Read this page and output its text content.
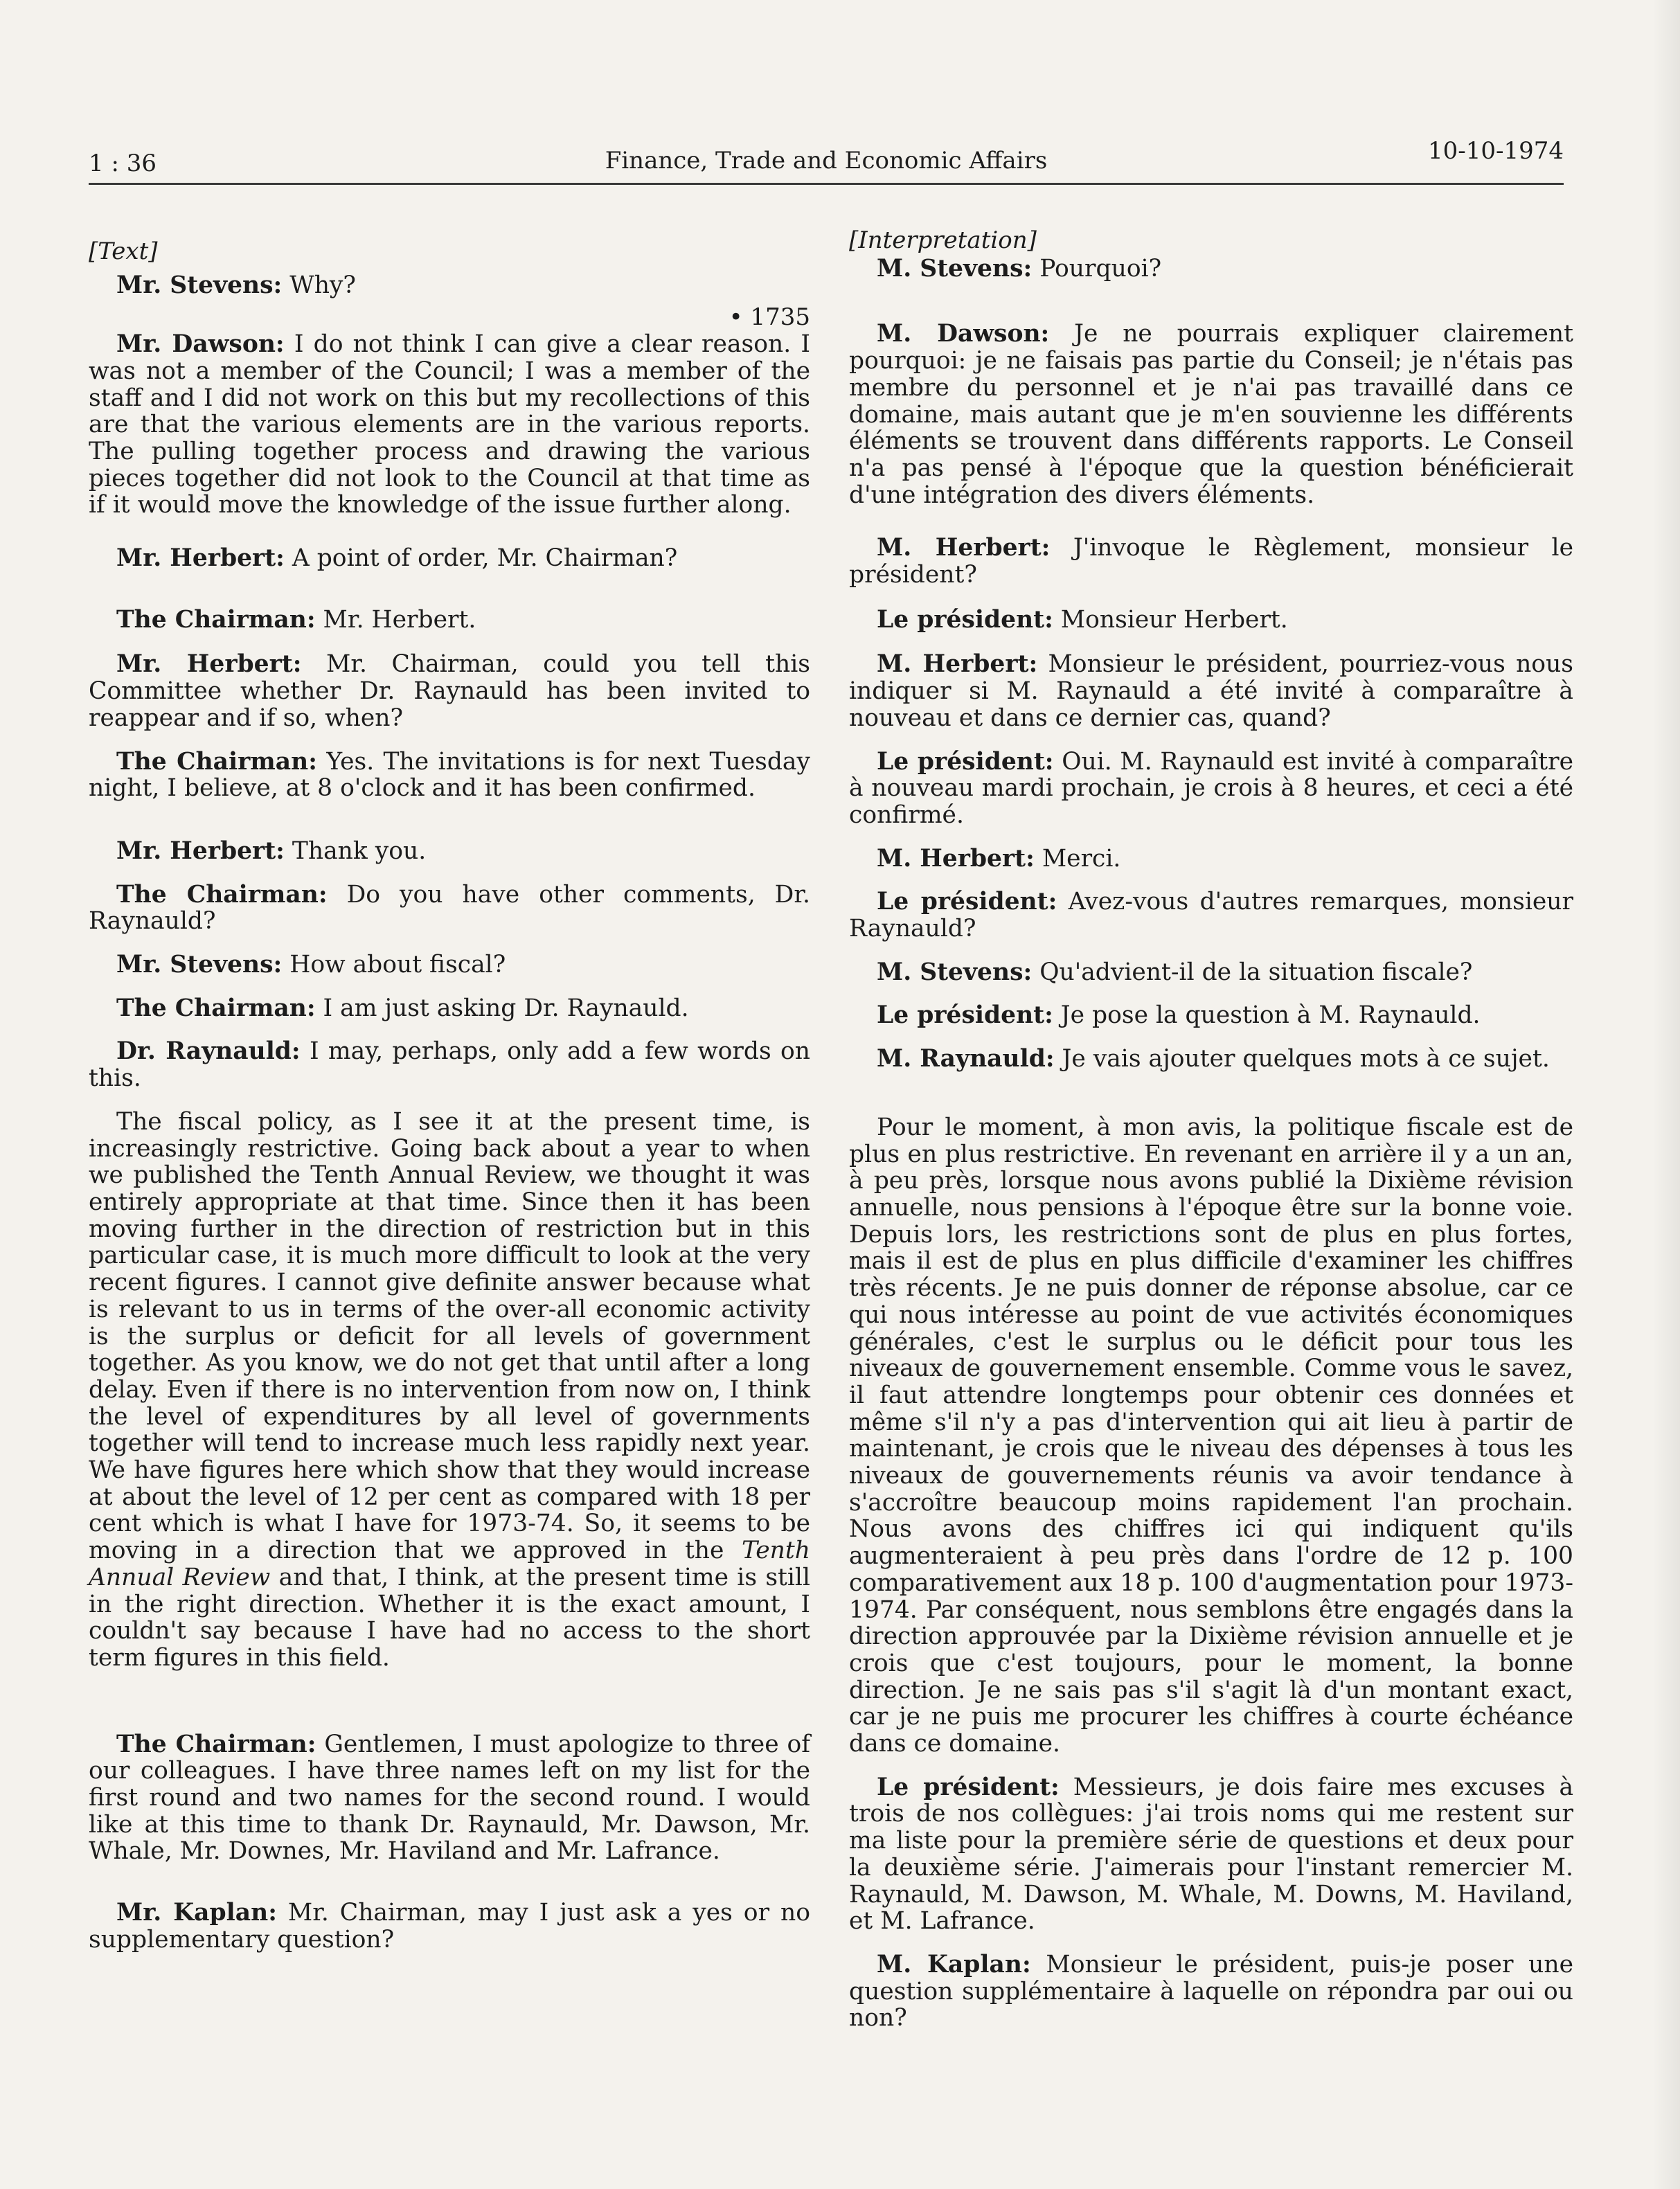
1 : 36	Finance, Trade and Economic Affairs	10-10-1974

[Text]

Mr. Stevens: Why?

• 1735

Mr. Dawson: I do not think I can give a clear reason. I was not a member of the Council; I was a member of the staff and I did not work on this but my recollections of this are that the various elements are in the various reports. The pulling together process and drawing the various pieces together did not look to the Council at that time as if it would move the knowledge of the issue further along.

Mr. Herbert: A point of order, Mr. Chairman?

The Chairman: Mr. Herbert.

Mr. Herbert: Mr. Chairman, could you tell this Committee whether Dr. Raynauld has been invited to reappear and if so, when?

The Chairman: Yes. The invitations is for next Tuesday night, I believe, at 8 o'clock and it has been confirmed.

Mr. Herbert: Thank you.

The Chairman: Do you have other comments, Dr. Raynauld?

Mr. Stevens: How about fiscal?

The Chairman: I am just asking Dr. Raynauld.

Dr. Raynauld: I may, perhaps, only add a few words on this.

The fiscal policy, as I see it at the present time, is increasingly restrictive. Going back about a year to when we published the Tenth Annual Review, we thought it was entirely appropriate at that time. Since then it has been moving further in the direction of restriction but in this particular case, it is much more difficult to look at the very recent figures. I cannot give definite answer because what is relevant to us in terms of the over-all economic activity is the surplus or deficit for all levels of government together. As you know, we do not get that until after a long delay. Even if there is no intervention from now on, I think the level of expenditures by all level of governments together will tend to increase much less rapidly next year. We have figures here which show that they would increase at about the level of 12 per cent as compared with 18 per cent which is what I have for 1973-74. So, it seems to be moving in a direction that we approved in the Tenth Annual Review and that, I think, at the present time is still in the right direction. Whether it is the exact amount, I couldn't say because I have had no access to the short term figures in this field.

The Chairman: Gentlemen, I must apologize to three of our colleagues. I have three names left on my list for the first round and two names for the second round. I would like at this time to thank Dr. Raynauld, Mr. Dawson, Mr. Whale, Mr. Downes, Mr. Haviland and Mr. Lafrance.

Mr. Kaplan: Mr. Chairman, may I just ask a yes or no supplementary question?

[Interpretation]

M. Stevens: Pourquoi?

M. Dawson: Je ne pourrais expliquer clairement pourquoi: je ne faisais pas partie du Conseil; je n'étais pas membre du personnel et je n'ai pas travaillé dans ce domaine, mais autant que je m'en souvienne les différents éléments se trouvent dans différents rapports. Le Conseil n'a pas pensé à l'époque que la question bénéficierait d'une intégration des divers éléments.

M. Herbert: J'invoque le Règlement, monsieur le président?

Le président: Monsieur Herbert.

M. Herbert: Monsieur le président, pourriez-vous nous indiquer si M. Raynauld a été invité à comparaître à nouveau et dans ce dernier cas, quand?

Le président: Oui. M. Raynauld est invité à comparaître à nouveau mardi prochain, je crois à 8 heures, et ceci a été confirmé.

M. Herbert: Merci.

Le président: Avez-vous d'autres remarques, monsieur Raynauld?

M. Stevens: Qu'advient-il de la situation fiscale?

Le président: Je pose la question à M. Raynauld.

M. Raynauld: Je vais ajouter quelques mots à ce sujet.

Pour le moment, à mon avis, la politique fiscale est de plus en plus restrictive. En revenant en arrière il y a un an, à peu près, lorsque nous avons publié la Dixième révision annuelle, nous pensions à l'époque être sur la bonne voie. Depuis lors, les restrictions sont de plus en plus fortes, mais il est de plus en plus difficile d'examiner les chiffres très récents. Je ne puis donner de réponse absolue, car ce qui nous intéresse au point de vue activités économiques générales, c'est le surplus ou le déficit pour tous les niveaux de gouvernement ensemble. Comme vous le savez, il faut attendre longtemps pour obtenir ces données et même s'il n'y a pas d'intervention qui ait lieu à partir de maintenant, je crois que le niveau des dépenses à tous les niveaux de gouvernements réunis va avoir tendance à s'accroître beaucoup moins rapidement l'an prochain. Nous avons des chiffres ici qui indiquent qu'ils augmenteraient à peu près dans l'ordre de 12 p. 100 comparativement aux 18 p. 100 d'augmentation pour 1973-1974. Par conséquent, nous semblons être engagés dans la direction approuvée par la Dixième révision annuelle et je crois que c'est toujours, pour le moment, la bonne direction. Je ne sais pas s'il s'agit là d'un montant exact, car je ne puis me procurer les chiffres à courte échéance dans ce domaine.

Le président: Messieurs, je dois faire mes excuses à trois de nos collègues: j'ai trois noms qui me restent sur ma liste pour la première série de questions et deux pour la deuxième série. J'aimerais pour l'instant remercier M. Raynauld, M. Dawson, M. Whale, M. Downs, M. Haviland, et M. Lafrance.

M. Kaplan: Monsieur le président, puis-je poser une question supplémentaire à laquelle on répondra par oui ou non?
